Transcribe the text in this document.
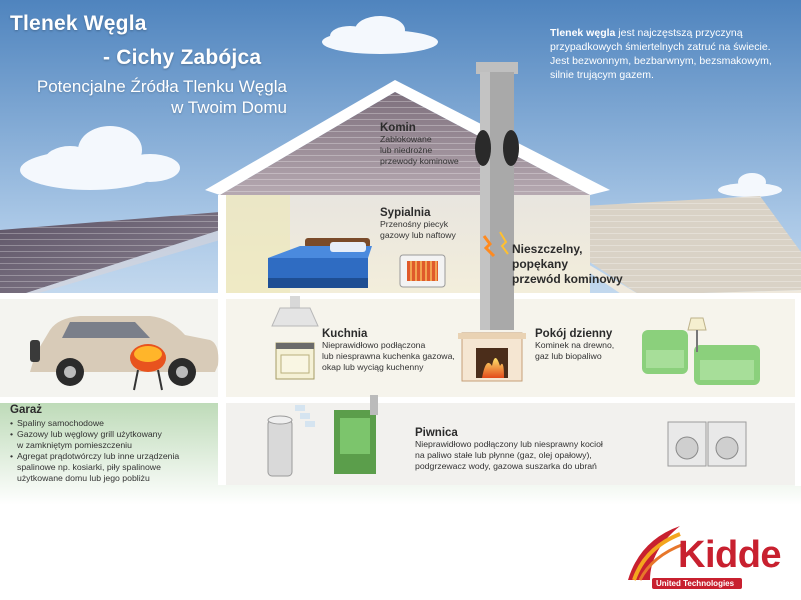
Tlenek Węgla
- Cichy Zabójca
Potencjalne Źródła Tlenku Węgla
w Twoim Domu
Tlenek węgla jest najczęstszą przyczyną
przypadkowych śmiertelnych zatruć na świecie.
Jest bezwonnym, bezbarwnym, bezsmakowym,
silnie trującym gazem.
Komin
Zablokowane
lub niedrożne
przewody kominowe
Sypialnia
Przenośny piecyk
gazowy lub naftowy
Nieszczelny,
popękany
przewód kominowy
Kuchnia
Nieprawidłowo podłączona
lub niesprawna kuchenka gazowa,
okap lub wyciąg kuchenny
Pokój dzienny
Kominek na drewno,
gaz lub biopaliwo
Garaż
• Spaliny samochodowe
• Gazowy lub węglowy grill użytkowany
w zamkniętym pomieszczeniu
• Agregat prądotwórczy lub inne urządzenia
spalinowe np. kosiarki, piły spalinowe
użytkowane domu lub jego pobliżu
Piwnica
Nieprawidłowo podłączony lub niesprawny kocioł
na paliwo stałe lub płynne (gaz, olej opałowy),
podgrzewacz wody, gazowa suszarka do ubrań
Kidde
United Technologies
